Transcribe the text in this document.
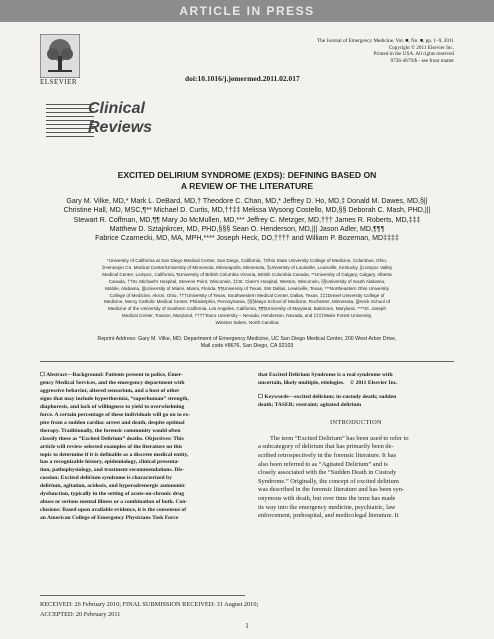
ARTICLE IN PRESS
ELSEVIER
The Journal of Emergency Medicine, Vol. ■, No. ■, pp. 1–9, 2011
Copyright © 2011 Elsevier Inc.
Printed in the USA. All rights reserved
0736-4679/$ - see front matter
doi:10.1016/j.jemermed.2011.02.017
Clinical
Reviews
EXCITED DELIRIUM SYNDROME (EXDS): DEFINING BASED ON
A REVIEW OF THE LITERATURE
Gary M. Vilke, MD,* Mark L. DeBard, MD,† Theodore C. Chan, MD,* Jeffrey D. Ho, MD,‡ Donald M. Dawes, MD,§||
Christine Hall, MD, MSC,¶** Michael D. Curtis, MD,††‡‡ Melissa Wysong Costello, MD,§§ Deborah C. Mash, PHD,|||
Stewart R. Coffman, MD,¶¶ Mary Jo McMullen, MD,*** Jeffrey C. Metzger, MD,††† James R. Roberts, MD,‡‡‡
Matthew D. Sztajnkrcer, MD, PHD,§§§ Sean O. Henderson, MD,||| Jason Adler, MD,¶¶¶
Fabrice Czarnecki, MD, MA, MPH,**** Joseph Heck, DO,†††† and William P. Bozeman, MD‡‡‡‡
*University of California at San Diego Medical Center, San Diego, California, †Ohio State University College of Medicine, Columbus, Ohio,
‡Hennepin Co. Medical Center/University of Minnesota, Minneapolis, Minnesota, §University of Louisville, Louisville, Kentucky, ||Lompoc Valley
Medical Center, Lompoc, California, ¶University of British Columbia Victoria, British Columbia Canada, **University of Calgary, Calgary, Alberta
Canada, ††St. Michael's Hospital, Stevens Point, Wisconsin, ‡‡St. Clare's Hospital, Weston, Wisconsin, §§University of South Alabama,
Mobile, Alabama, |||University of Miami, Miami, Florida, ¶¶University of Texas, SW Dallas, Lewisville, Texas, ***Northeastern Ohio University
College of Medicine, Akron, Ohio, †††University of Texas, Southwestern Medical Center, Dallas, Texas, ‡‡‡Drexel University College of
Medicine, Mercy Catholic Medical Center, Philadelphia, Pennsylvania, §§§Mayo School of Medicine, Rochester, Minnesota, |||Keck School of
Medicine of the University of Southern California, Los Angeles, California, ¶¶¶University of Maryland, Baltimore, Maryland, ****St. Joseph
Medical Center, Towson, Maryland, ††††Touro University – Nevada, Henderson, Nevada, and ‡‡‡‡Wake Forest University,
Winston Salem, North Carolina
Reprint Address: Gary M. Vilke, MD, Department of Emergency Medicine, UC San Diego Medical Center, 200 West Arbor Drive,
Mail code #8676, San Diego, CA 92103
☐ Abstract—Background: Patients present to police, Emer-
gency Medical Services, and the emergency department with
aggressive behavior, altered sensorium, and a host of other
signs that may include hyperthermia, “superhuman” strength,
diaphoresis, and lack of willingness to yield to overwhelming
force. A certain percentage of these individuals will go on to ex-
pire from a sudden cardiac arrest and death, despite optimal
therapy. Traditionally, the forensic community would often
classify these as “Excited Delirium” deaths. Objectives: This
article will review selected examples of the literature on this
topic to determine if it is definable as a discrete medical entity,
has a recognizable history, epidemiology, clinical presenta-
tion, pathophysiology, and treatment recommendations. Dis-
cussion: Excited delirium syndrome is characterized by
delirium, agitation, acidosis, and hyperadrenergic autonomic
dysfunction, typically in the setting of acute-on-chronic drug
abuse or serious mental illness or a combination of both. Con-
clusions: Based upon available evidence, it is the consensus of
an American College of Emergency Physicians Task Force
that Excited Delirium Syndrome is a real syndrome with
uncertain, likely multiple, etiologies. © 2011 Elsevier Inc.
☐ Keywords—excited delirium; in-custody death; sudden
death; TASER; restraint; agitated delirium
INTRODUCTION
The term “Excited Delirium” has been used to refer to
a subcategory of delirium that has primarily been de-
scribed retrospectively in the forensic literature. It has
also been referred to as “Agitated Delirium” and is
closely associated with the “Sudden Death in Custody
Syndrome.” Originally, the concept of excited delirium
was described in the forensic literature and has been syn-
onymous with death, but over time the term has made
its way into the emergency medicine, psychiatric, law
enforcement, prehospital, and medicolegal literature. It
RECEIVED: 26 February 2010; FINAL SUBMISSION RECEIVED: 31 August 2010;
ACCEPTED: 20 February 2011
1
